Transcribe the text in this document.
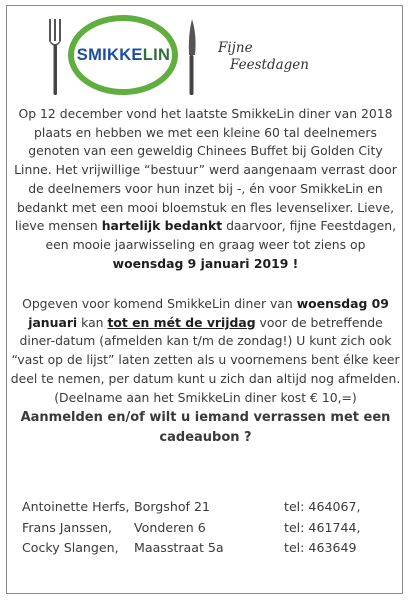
SMIKKELIN	Fijne
Feestdagen
Op 12 december vond het laatste SmikkeLin diner van 2018 plaats en hebben we met een kleine 60 tal deelnemers genoten van een geweldig Chinees Buffet bij Golden City Linne. Het vrijwillige “bestuur” werd aangenaam verrast door de deelnemers voor hun inzet bij -, én voor SmikkeLin en bedankt met een mooi bloemstuk en fles levenselixer. Lieve, lieve mensen hartelijk bedankt daarvoor, fijne Feestdagen, een mooie jaarwisseling en graag weer tot ziens op woensdag 9 januari 2019 !
Opgeven voor komend SmikkeLin diner van woensdag 09 januari kan tot en mét de vrijdag voor de betreffende diner-datum (afmelden kan t/m de zondag!) U kunt zich ook “vast op de lijst” laten zetten als u voornemens bent élke keer deel te nemen, per datum kunt u zich dan altijd nog afmelden. (Deelname aan het SmikkeLin diner kost € 10,=)
Aanmelden en/of wilt u iemand verrassen met een cadeaubon ?
Antoinette Herfs, Borgshof 21	tel: 464067,
Frans Janssen, Vonderen 6	tel: 461744,
Cocky Slangen, Maasstraat 5a	tel: 463649
